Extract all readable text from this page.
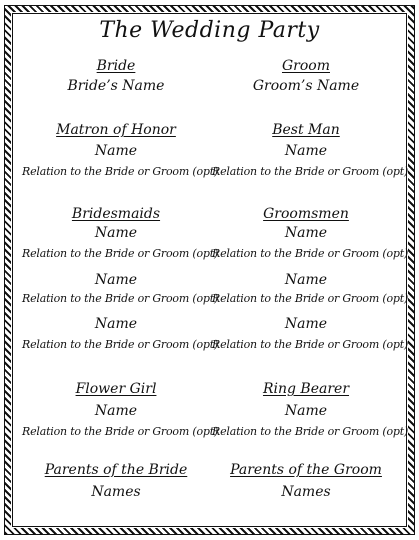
The Wedding Party
Bride
Bride’s Name
Groom
Groom’s Name
Matron of Honor
Name
Relation to the Bride or Groom (opt)
Best Man
Name
Relation to the Bride or Groom (opt)
Bridesmaids
Name
Relation to the Bride or Groom (opt)
Name
Relation to the Bride or Groom (opt)
Name
Relation to the Bride or Groom (opt)
Groomsmen
Name
Relation to the Bride or Groom (opt)
Name
Relation to the Bride or Groom (opt)
Name
Relation to the Bride or Groom (opt)
Flower Girl
Name
Relation to the Bride or Groom (opt)
Ring Bearer
Name
Relation to the Bride or Groom (opt)
Parents of the Bride
Names
Parents of the Groom
Names
